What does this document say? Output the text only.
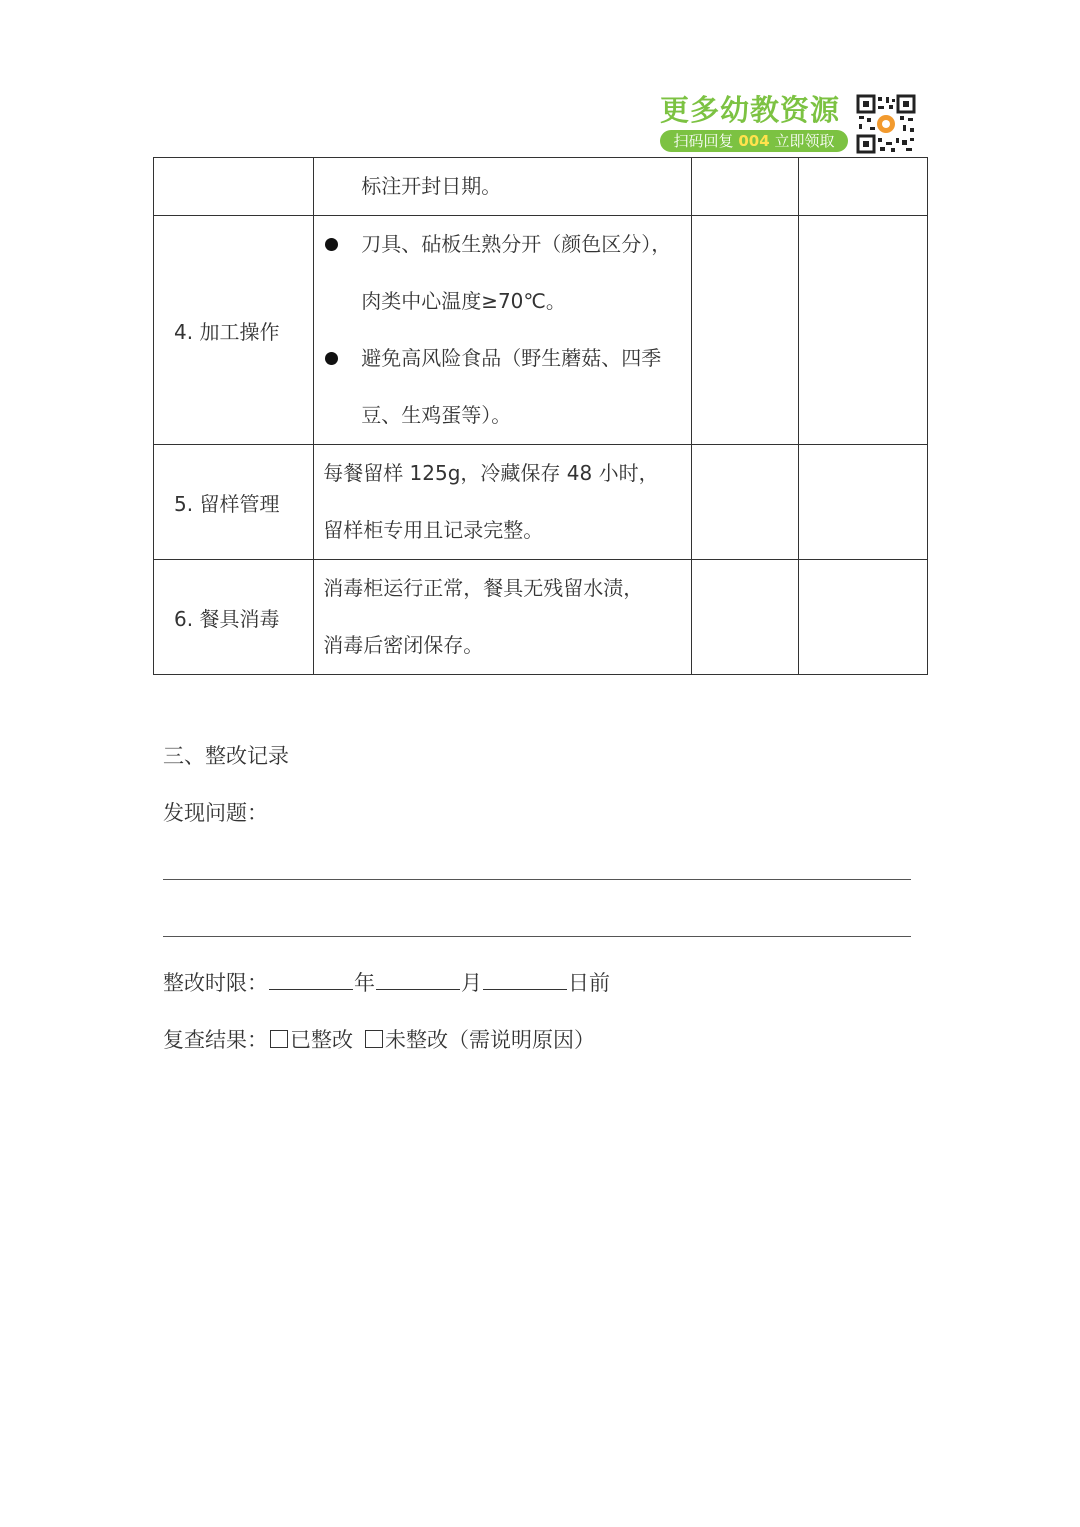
更多幼教资源
扫码回复 004 立即领取

	标注开封日期。		

4. 加工操作	刀具、砧板生熟分开（颜色区分），
肉类中心温度≥70℃。
避免高风险食品（野生蘑菇、四季
豆、生鸡蛋等）。		

5. 留样管理	每餐留样 125g，冷藏保存 48 小时，
留样柜专用且记录完整。		

6. 餐具消毒	消毒柜运行正常，餐具无残留水渍，
消毒后密闭保存。		

三、整改记录
发现问题：
整改时限：	年	月	日前
复查结果： 已整改 未整改（需说明原因）
